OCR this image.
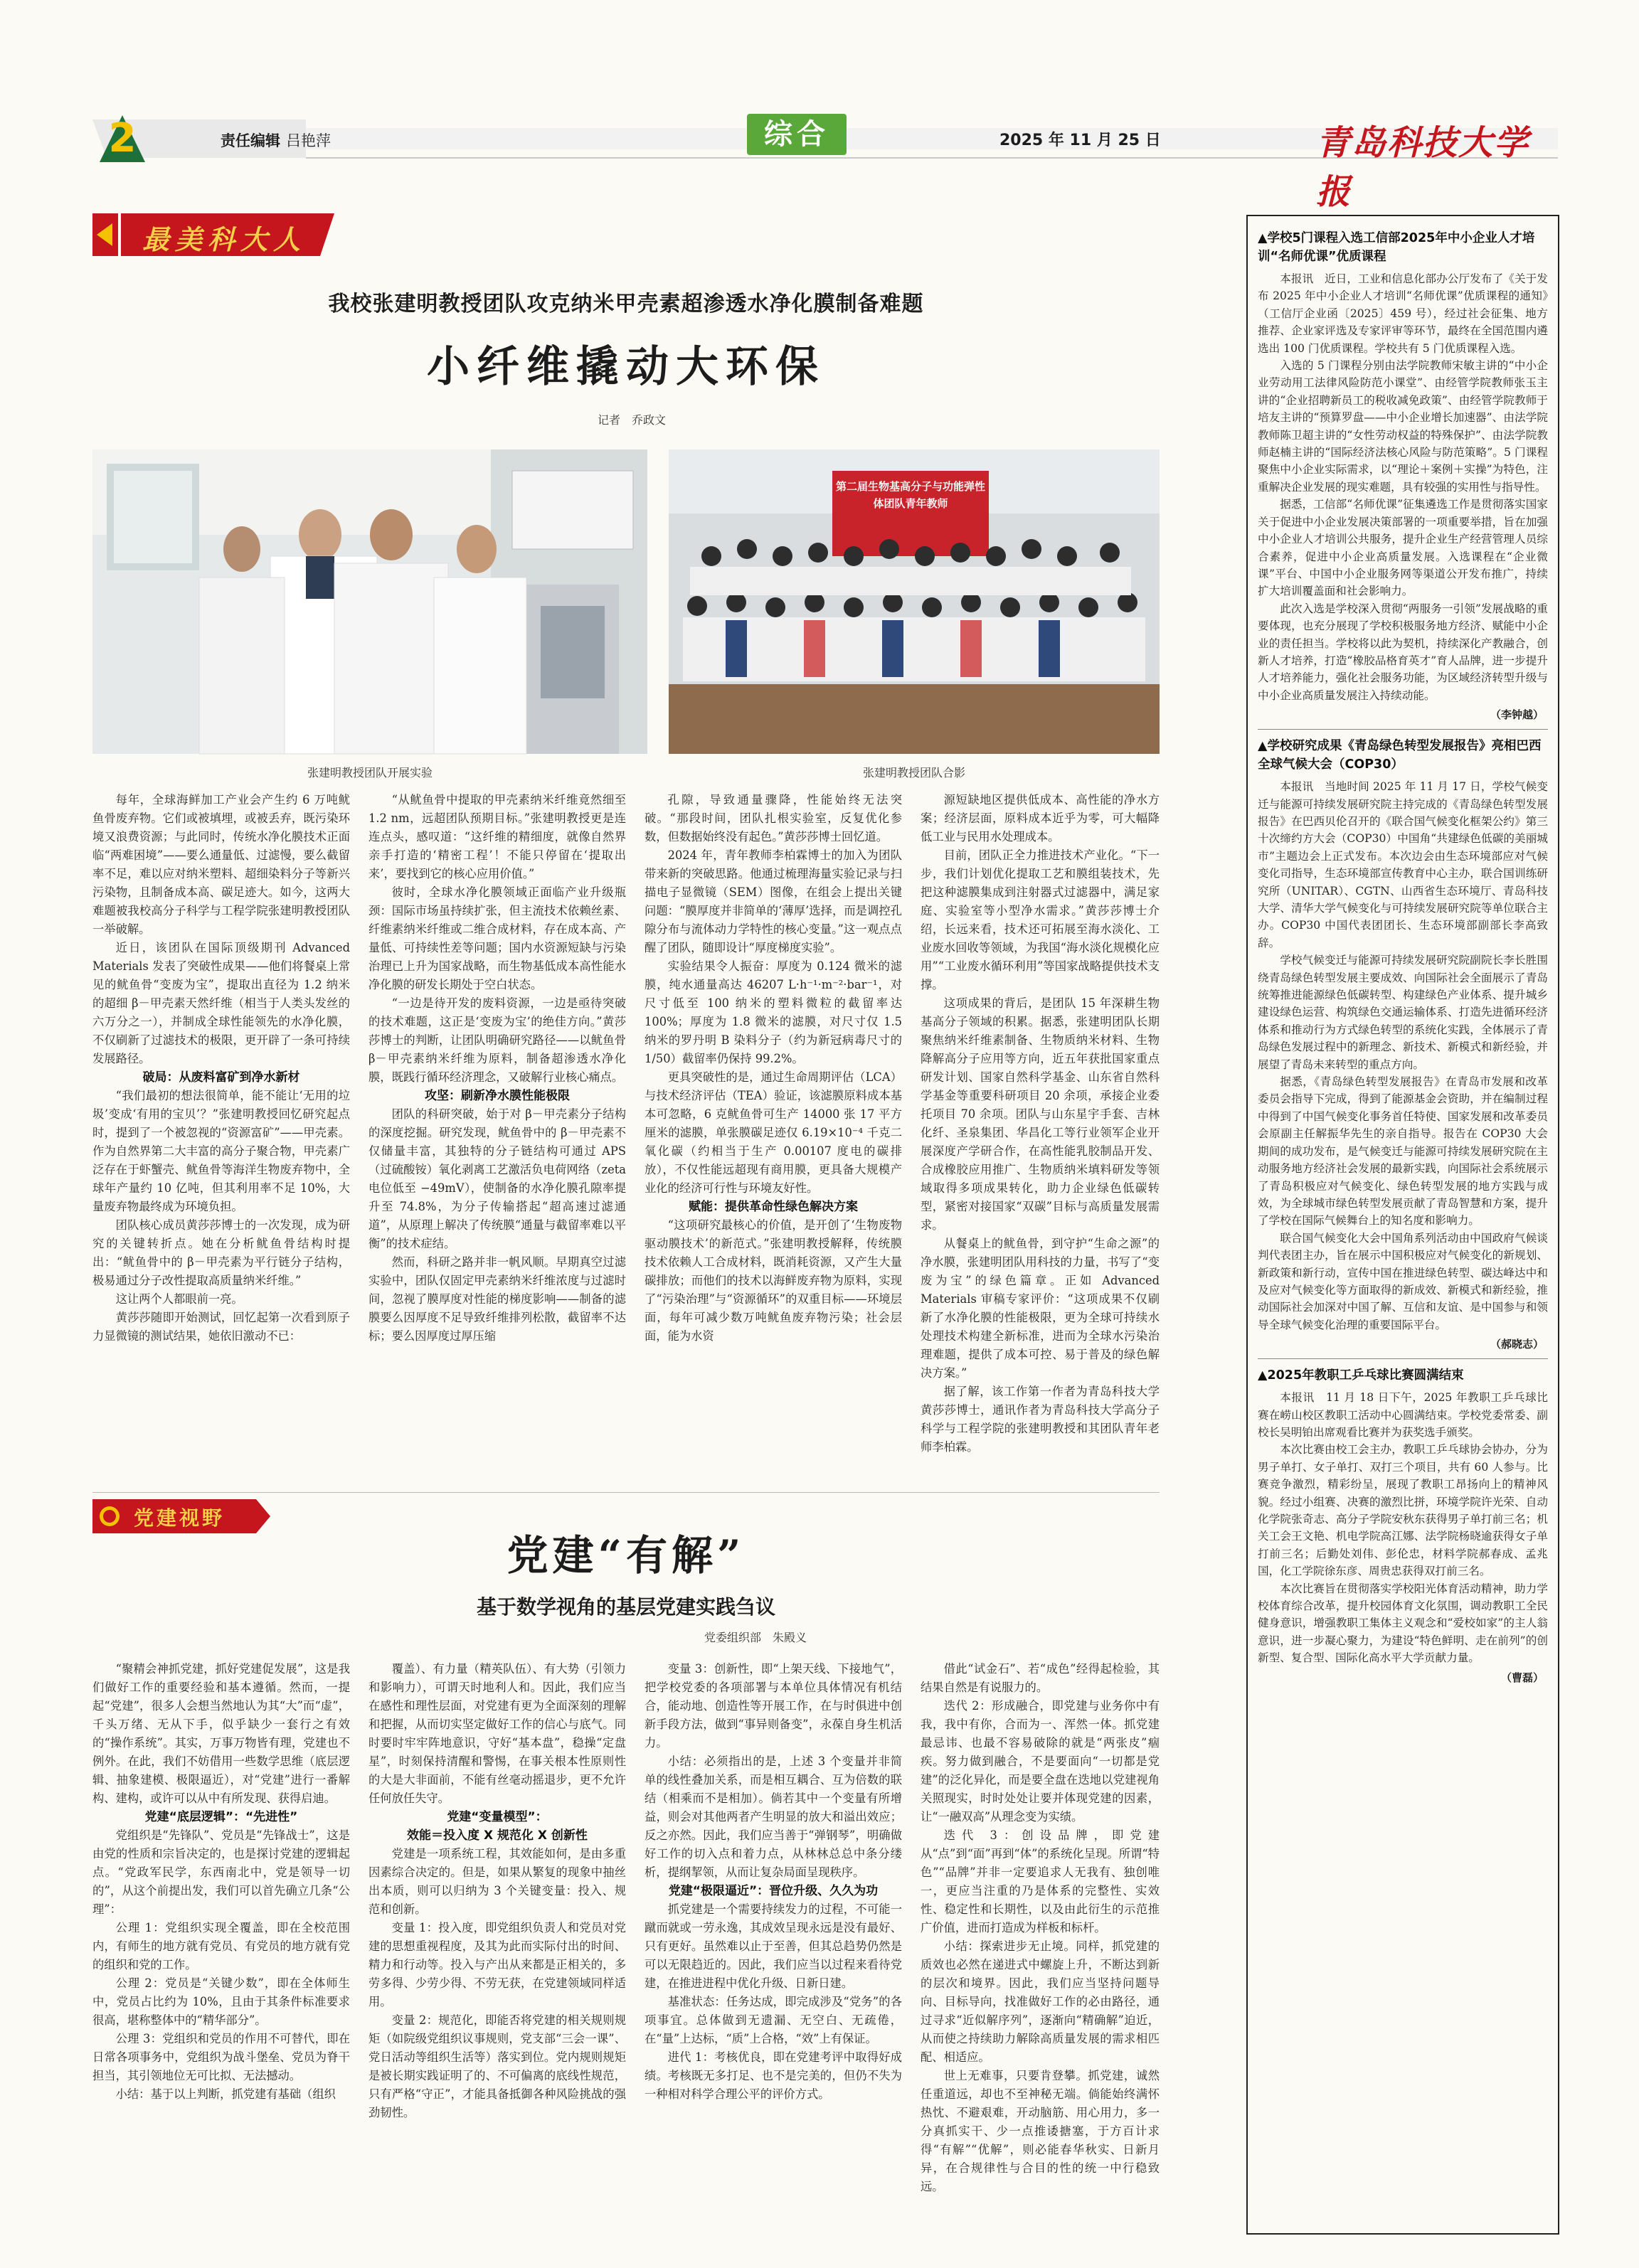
2	责任编辑 吕艳萍	综合	2025 年 11 月 25 日	青岛科技大学报
最美科大人
我校张建明教授团队攻克纳米甲壳素超渗透水净化膜制备难题
小纤维撬动大环保
记者　乔政文
第二届生物基高分子与功能弹性体团队青年教师
张建明教授团队开展实验	张建明教授团队合影

每年，全球海鲜加工产业会产生约 6 万吨鱿鱼骨废弃物。它们或被填埋，或被丢弃，既污染环境又浪费资源；与此同时，传统水净化膜技术正面临“两难困境”——要么通量低、过滤慢，要么截留率不足，难以应对纳米塑料、超细染料分子等新兴污染物，且制备成本高、碳足迹大。如今，这两大难题被我校高分子科学与工程学院张建明教授团队一举破解。

近日，该团队在国际顶级期刊 Advanced Materials 发表了突破性成果——他们将餐桌上常见的鱿鱼骨“变废为宝”，提取出直径为 1.2 纳米的超细 β－甲壳素天然纤维（相当于人类头发丝的六万分之一），并制成全球性能领先的水净化膜，不仅刷新了过滤技术的极限，更开辟了一条可持续发展路径。

破局：从废料富矿到净水新材

“我们最初的想法很简单，能不能让‘无用的垃圾’变成‘有用的宝贝’？”张建明教授回忆研究起点时，提到了一个被忽视的“资源富矿”——甲壳素。作为自然界第二大丰富的高分子聚合物，甲壳素广泛存在于虾蟹壳、鱿鱼骨等海洋生物废弃物中，全球年产量约 10 亿吨，但其利用率不足 10%，大量废弃物最终成为环境负担。

团队核心成员黄莎莎博士的一次发现，成为研究的关键转折点。她在分析鱿鱼骨结构时提出：“鱿鱼骨中的 β－甲壳素为平行链分子结构，极易通过分子改性提取高质量纳米纤维。”

这让两个人都眼前一亮。

黄莎莎随即开始测试，回忆起第一次看到原子力显微镜的测试结果，她依旧激动不已：

“从鱿鱼骨中提取的甲壳素纳米纤维竟然细至 1.2 nm，远超团队预期目标。”张建明教授更是连连点头，感叹道：“这纤维的精细度，就像自然界亲手打造的‘精密工程’！不能只停留在‘提取出来’，要找到它的核心应用价值。”

彼时，全球水净化膜领域正面临产业升级瓶颈：国际市场虽持续扩张，但主流技术依赖丝素、纤维素纳米纤维或二维合成材料，存在成本高、产量低、可持续性差等问题；国内水资源短缺与污染治理已上升为国家战略，而生物基低成本高性能水净化膜的研发长期处于空白状态。

“一边是待开发的废料资源，一边是亟待突破的技术难题，这正是‘变废为宝’的绝佳方向。”黄莎莎博士的判断，让团队明确研究路径——以鱿鱼骨 β－甲壳素纳米纤维为原料，制备超渗透水净化膜，既践行循环经济理念，又破解行业核心痛点。

攻坚：刷新净水膜性能极限

团队的科研突破，始于对 β－甲壳素分子结构的深度挖掘。研究发现，鱿鱼骨中的 β－甲壳素不仅储量丰富，其独特的分子链结构可通过 APS（过硫酸铵）氧化剥离工艺激活负电荷网络（zeta 电位低至 −49mV），使制备的水净化膜孔隙率提升至 74.8%，为分子传输搭起“超高速过滤通道”，从原理上解决了传统膜“通量与截留率难以平衡”的技术症结。

然而，科研之路并非一帆风顺。早期真空过滤实验中，团队仅固定甲壳素纳米纤维浓度与过滤时间，忽视了膜厚度对性能的梯度影响——制备的滤膜要么因厚度不足导致纤维排列松散，截留率不达标；要么因厚度过厚压缩

孔隙，导致通量骤降，性能始终无法突破。“那段时间，团队扎根实验室，反复优化参数，但数据始终没有起色。”黄莎莎博士回忆道。

2024 年，青年教师李柏霖博士的加入为团队带来新的突破思路。他通过梳理海量实验记录与扫描电子显微镜（SEM）图像，在组会上提出关键问题：“膜厚度并非简单的‘薄厚’选择，而是调控孔隙分布与流体动力学特性的核心变量。”这一观点点醒了团队，随即设计“厚度梯度实验”。

实验结果令人振奋：厚度为 0.124 微米的滤膜，纯水通量高达 46207 L·h⁻¹·m⁻²·bar⁻¹，对尺寸低至 100 纳米的塑料微粒的截留率达 100%；厚度为 1.8 微米的滤膜，对尺寸仅 1.5 纳米的罗丹明 B 染料分子（约为新冠病毒尺寸的 1/50）截留率仍保持 99.2%。

更具突破性的是，通过生命周期评估（LCA）与技术经济评估（TEA）验证，该滤膜原料成本基本可忽略，6 克鱿鱼骨可生产 14000 张 17 平方厘米的滤膜，单张膜碳足迹仅 6.19×10⁻⁴ 千克二氧化碳（约相当于生产 0.00107 度电的碳排放），不仅性能远超现有商用膜，更具备大规模产业化的经济可行性与环境友好性。

赋能：提供革命性绿色解决方案

“这项研究最核心的价值，是开创了‘生物废物驱动膜技术’的新范式。”张建明教授解释，传统膜技术依赖人工合成材料，既消耗资源，又产生大量碳排放；而他们的技术以海鲜废弃物为原料，实现了“污染治理”与“资源循环”的双重目标——环境层面，每年可减少数万吨鱿鱼废弃物污染；社会层面，能为水资

源短缺地区提供低成本、高性能的净水方案；经济层面，原料成本近乎为零，可大幅降低工业与民用水处理成本。

目前，团队正全力推进技术产业化。“下一步，我们计划优化提取工艺和膜组装技术，先把这种滤膜集成到注射器式过滤器中，满足家庭、实验室等小型净水需求。”黄莎莎博士介绍，长远来看，技术还可拓展至海水淡化、工业废水回收等领域，为我国“海水淡化规模化应用”“工业废水循环利用”等国家战略提供技术支撑。

这项成果的背后，是团队 15 年深耕生物基高分子领域的积累。据悉，张建明团队长期聚焦纳米纤维素制备、生物质纳米材料、生物降解高分子应用等方向，近五年获批国家重点研发计划、国家自然科学基金、山东省自然科学基金等重要科研项目 20 余项，承接企业委托项目 70 余项。团队与山东星宇手套、吉林化纤、圣泉集团、华昌化工等行业领军企业开展深度产学研合作，在高性能乳胶制品开发、合成橡胶应用推广、生物质纳米填料研发等领域取得多项成果转化，助力企业绿色低碳转型，紧密对接国家“双碳”目标与高质量发展需求。

从餐桌上的鱿鱼骨，到守护“生命之源”的净水膜，张建明团队用科技的力量，书写了“变废为宝”的绿色篇章。正如 Advanced Materials 审稿专家评价：“这项成果不仅刷新了水净化膜的性能极限，更为全球可持续水处理技术构建全新标准，进而为全球水污染治理难题，提供了成本可控、易于普及的绿色解决方案。”

据了解，该工作第一作者为青岛科技大学黄莎莎博士，通讯作者为青岛科技大学高分子科学与工程学院的张建明教授和其团队青年老师李柏霖。

党建视野
党建“有解”
基于数学视角的基层党建实践刍议
党委组织部　朱殿义

“聚精会神抓党建，抓好党建促发展”，这是我们做好工作的重要经验和基本遵循。然而，一提起“党建”，很多人会想当然地认为其“大”而“虚”，千头万绪、无从下手，似乎缺少一套行之有效的“操作系统”。其实，万事万物皆有理，党建也不例外。在此，我们不妨借用一些数学思维（底层逻辑、抽象建模、极限逼近），对“党建”进行一番解构、建构，或许可以从中有所发现、获得启迪。

党建“底层逻辑”：“先进性”

党组织是“先锋队”、党员是“先锋战士”，这是由党的性质和宗旨决定的，也是探讨党建的逻辑起点。“党政军民学，东西南北中，党是领导一切的”，从这个前提出发，我们可以首先确立几条“公理”：

公理 1：党组织实现全覆盖，即在全校范围内，有师生的地方就有党员、有党员的地方就有党的组织和党的工作。

公理 2：党员是“关键少数”，即在全体师生中，党员占比约为 10%，且由于其条件标准要求很高，堪称整体中的“精华部分”。

公理 3：党组织和党员的作用不可替代，即在日常各项事务中，党组织为战斗堡垒、党员为脊干担当，其引领地位无可比拟、无法撼动。

小结：基于以上判断，抓党建有基础（组织

覆盖）、有力量（精英队伍）、有大势（引领力和影响力），可谓天时地利人和。因此，我们应当在感性和理性层面，对党建有更为全面深刻的理解和把握，从而切实坚定做好工作的信心与底气。同时要时牢牢阵地意识，守好“基本盘”，稳操“定盘星”，时刻保持清醒和警惕，在事关根本性原则性的大是大非面前，不能有丝毫动摇退步，更不允许任何放任失守。

党建“变量模型”：
效能＝投入度 X 规范化 X 创新性

党建是一项系统工程，其效能如何，是由多重因素综合决定的。但是，如果从繁复的现象中抽丝出本质，则可以归纳为 3 个关键变量：投入、规范和创新。

变量 1：投入度，即党组织负责人和党员对党建的思想重视程度，及其为此而实际付出的时间、精力和行动等。投入与产出从来都是正相关的，多劳多得、少劳少得、不劳无获，在党建领域同样适用。

变量 2：规范化，即能否将党建的相关规则规矩（如院级党组织议事规则，党支部“三会一课”、党日活动等组织生活等）落实到位。党内规则规矩是被长期实践证明了的、不可偏离的底线性规范，只有严格“守正”，才能具备抵御各种风险挑战的强劲韧性。

变量 3：创新性，即“上架天线、下接地气”，把学校党委的各项部署与本单位具体情况有机结合，能动地、创造性等开展工作，在与时俱进中创新手段方法，做到“事异则备变”，永葆自身生机活力。

小结：必须指出的是，上述 3 个变量并非简单的线性叠加关系，而是相互耦合、互为倍数的联结（相乘而不是相加）。倘若其中一个变量有所增益，则会对其他两者产生明显的放大和溢出效应；反之亦然。因此，我们应当善于“弹钢琴”，明确做好工作的切入点和着力点，从林林总总中条分缕析，提纲挈领，从而让复杂局面呈现秩序。

党建“极限逼近”：晋位升级、久久为功

抓党建是一个需要持续发力的过程，不可能一蹴而就或一劳永逸，其成效呈现永远是没有最好、只有更好。虽然难以止于至善，但其总趋势仍然是可以无限趋近的。因此，我们应当以过程来看待党建，在推进进程中优化升级、日新日建。

基准状态：任务达成，即完成涉及“党务”的各项事宜。总体做到无遗漏、无空白、无疏倦，在“量”上达标，“质”上合格，“效”上有保证。

进代 1：考核优良，即在党建考评中取得好成绩。考核既无多打足、也不是完美的，但仍不失为一种相对科学合理公平的评价方式。

借此“试金石”、若“成色”经得起检验，其结果自然是有说服力的。

迭代 2：形成融合，即党建与业务你中有我，我中有你，合而为一、浑然一体。抓党建最忌讳、也最不容易破除的就是“两张皮”痼疾。努力做到融合，不是要面向“一切都是党建”的泛化异化，而是要全盘在迭地以党建视角关照现实，时时处处让要并体现党建的因素，让“一融双高”从理念变为实绩。

迭代 3：创设品牌，即党建从“点”到“面”再到“体”的系统化呈现。所谓“特色”“品牌”并非一定要追求人无我有、独创唯一，更应当注重的乃是体系的完整性、实效性、稳定性和长期性，以及由此衍生的示范推广价值，进而打造成为样板和标杆。

小结：探索进步无止境。同样，抓党建的质效也必然在递进式中螺旋上升，不断达到新的层次和境界。因此，我们应当坚持问题导向、目标导向，找准做好工作的必由路径，通过寻求“近似解序列”，逐渐向“精确解”迫近，从而使之持续助力解除高质量发展的需求相匹配、相适应。

世上无难事，只要肯登攀。抓党建，诚然任重道远，却也不至神秘无端。倘能始终满怀热忱、不避艰难，开动脑筋、用心用力，多一分真抓实干、少一点推诿搪塞，于方百计求得“有解”“优解”，则必能春华秋实、日新月异，在合规律性与合目的性的统一中行稳致远。

▲学校5门课程入选工信部2025年中小企业人才培训“名师优课”优质课程

本报讯　近日，工业和信息化部办公厅发布了《关于发布 2025 年中小企业人才培训“名师优课”优质课程的通知》（工信厅企业函〔2025〕459 号），经过社会征集、地方推荐、企业家评选及专家评审等环节，最终在全国范围内遴选出 100 门优质课程。学校共有 5 门优质课程入选。

入选的 5 门课程分别由法学院教师宋敏主讲的“中小企业劳动用工法律风险防范小课堂”、由经管学院教师张玉主讲的“企业招聘新员工的税收减免政策”、由经管学院教师于培友主讲的“预算罗盘——中小企业增长加速器”、由法学院教师陈卫超主讲的“女性劳动权益的特殊保护”、由法学院教师赵楠主讲的“国际经济法核心风险与防范策略”。5 门课程聚焦中小企业实际需求，以“理论＋案例＋实操”为特色，注重解决企业发展的现实难题，具有较强的实用性与指导性。

据悉，工信部“名师优课”征集遴选工作是贯彻落实国家关于促进中小企业发展决策部署的一项重要举措，旨在加强中小企业人才培训公共服务，提升企业生产经营管理人员综合素养，促进中小企业高质量发展。入选课程在“企业微课”平台、中国中小企业服务网等渠道公开发布推广，持续扩大培训覆盖面和社会影响力。

此次入选是学校深入贯彻“两服务一引领”发展战略的重要体现，也充分展现了学校积极服务地方经济、赋能中小企业的责任担当。学校将以此为契机，持续深化产教融合，创新人才培养，打造“橡胶品格育英才”育人品牌，进一步提升人才培养能力，强化社会服务功能，为区域经济转型升级与中小企业高质量发展注入持续动能。

（李钟越）
▲学校研究成果《青岛绿色转型发展报告》亮相巴西全球气候大会（COP30）

本报讯　当地时间 2025 年 11 月 17 日，学校气候变迁与能源可持续发展研究院主持完成的《青岛绿色转型发展报告》在巴西贝伦召开的《联合国气候变化框架公约》第三十次缔约方大会（COP30）中国角“共建绿色低碳的美丽城市”主题边会上正式发布。本次边会由生态环境部应对气候变化司指导，生态环境部宣传教育中心主办，联合国训练研究所（UNITAR）、CGTN、山西省生态环境厅、青岛科技大学、清华大学气候变化与可持续发展研究院等单位联合主办。COP30 中国代表团团长、生态环境部副部长李高致辞。

学校气候变迁与能源可持续发展研究院副院长李长胜围绕青岛绿色转型发展主要成效、向国际社会全面展示了青岛统筹推进能源绿色低碳转型、构建绿色产业体系、提升城乡建设绿色运营、构筑绿色交通运输体系、打造先进循环经济体系和推动行为方式绿色转型的系统化实践，全体展示了青岛绿色发展过程中的新理念、新技术、新模式和新经验，并展望了青岛未来转型的重点方向。

据悉，《青岛绿色转型发展报告》在青岛市发展和改革委员会指导下完成，得到了能源基金会资助，并在编制过程中得到了中国气候变化事务首任特使、国家发展和改革委员会原副主任解振华先生的亲自指导。报告在 COP30 大会期间的成功发布，是气候变迁与能源可持续发展研究院在主动服务地方经济社会发展的最新实践，向国际社会系统展示了青岛积极应对气候变化、绿色转型发展的地方实践与成效，为全球城市绿色转型发展贡献了青岛智慧和方案，提升了学校在国际气候舞台上的知名度和影响力。

联合国气候变化大会中国角系列活动由中国政府气候谈判代表团主办，旨在展示中国积极应对气候变化的新规划、新政策和新行动，宣传中国在推进绿色转型、碳达峰达中和及应对气候变化等方面取得的新成效、新模式和新经验，推动国际社会加深对中国了解、互信和友谊、是中国参与和领导全球气候变化治理的重要国际平台。

（郝晓志）
▲2025年教职工乒乓球比赛圆满结束

本报讯　11 月 18 日下午，2025 年教职工乒乓球比赛在崂山校区教职工活动中心圆满结束。学校党委常委、副校长吴明铂出席观看比赛并为获奖选手颁奖。

本次比赛由校工会主办，教职工乒乓球协会协办，分为男子单打、女子单打、双打三个项目，共有 60 人参与。比赛竞争激烈，精彩纷呈，展现了教职工昂扬向上的精神风貌。经过小组赛、决赛的激烈比拼，环境学院许光荣、自动化学院张奇志、高分子学院安秋东获得男子单打前三名；机关工会王文艳、机电学院高江娜、法学院杨晓逾获得女子单打前三名；后勤处刘伟、彭伦忠，材料学院郝春成、孟兆国，化工学院徐东彦、周贵忠获得双打前三名。

本次比赛旨在贯彻落实学校阳光体育活动精神，助力学校体育综合改革，提升校园体育文化氛围，调动教职工全民健身意识，增强教职工集体主义观念和“爱校如家”的主人翁意识，进一步凝心聚力，为建设“特色鲜明、走在前列”的创新型、复合型、国际化高水平大学贡献力量。

（曹磊）
